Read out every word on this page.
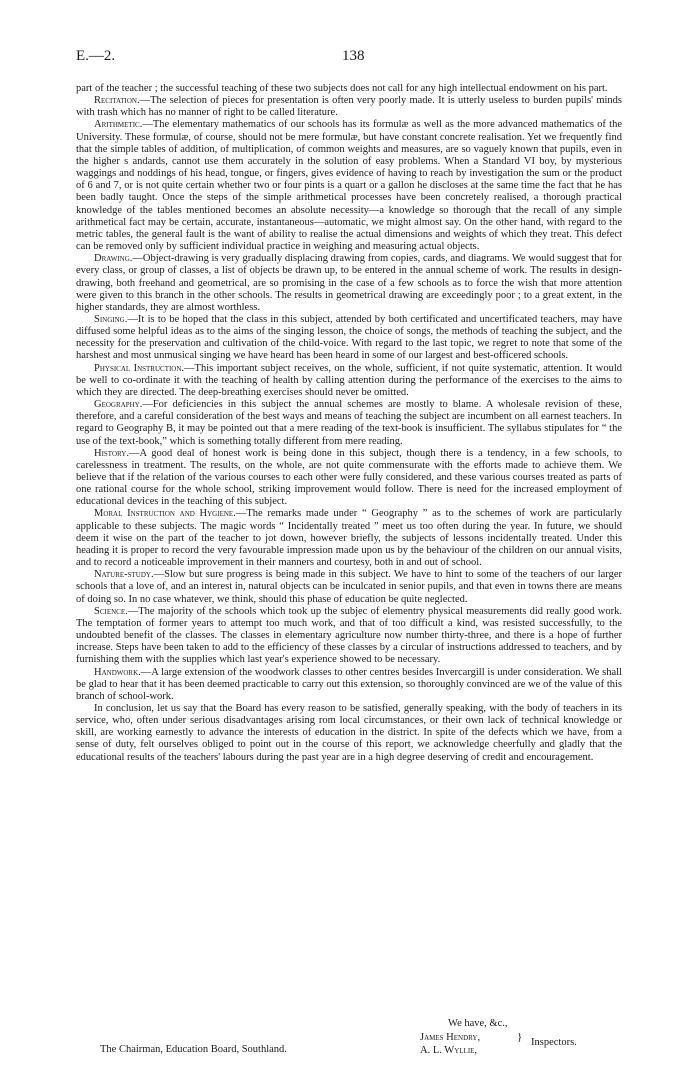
E.—2.	138

part of the teacher ; the successful teaching of these two subjects does not call for any high intellectual endowment on his part.

Recitation.—The selection of pieces for presentation is often very poorly made. It is utterly useless to burden pupils' minds with trash which has no manner of right to be called literature.

Arithmetic.—The elementary mathematics of our schools has its formulæ as well as the more advanced mathematics of the University. These formulæ, of course, should not be mere formulæ, but have constant concrete realisation. Yet we frequently find that the simple tables of addition, of multiplication, of common weights and measures, are so vaguely known that pupils, even in the higher s andards, cannot use them accurately in the solution of easy problems. When a Standard VI boy, by mysterious waggings and noddings of his head, tongue, or fingers, gives evidence of having to reach by investigation the sum or the product of 6 and 7, or is not quite certain whether two or four pints is a quart or a gallon he discloses at the same time the fact that he has been badly taught. Once the steps of the simple arithmetical processes have been concretely realised, a thorough practical knowledge of the tables mentioned becomes an absolute necessity—a knowledge so thorough that the recall of any simple arithmetical fact may be certain, accurate, instantaneous—automatic, we might almost say. On the other hand, with regard to the metric tables, the general fault is the want of ability to realise the actual dimensions and weights of which they treat. This defect can be removed only by sufficient individual practice in weighing and measuring actual objects.

Drawing.—Object-drawing is very gradually displacing drawing from copies, cards, and diagrams. We would suggest that for every class, or group of classes, a list of objects be drawn up, to be entered in the annual scheme of work. The results in design-drawing, both freehand and geometrical, are so promising in the case of a few schools as to force the wish that more attention were given to this branch in the other schools. The results in geometrical drawing are exceedingly poor ; to a great extent, in the higher standards, they are almost worthless.

Singing.—It is to be hoped that the class in this subject, attended by both certificated and uncertificated teachers, may have diffused some helpful ideas as to the aims of the singing lesson, the choice of songs, the methods of teaching the subject, and the necessity for the preservation and cultivation of the child-voice. With regard to the last topic, we regret to note that some of the harshest and most unmusical singing we have heard has been heard in some of our largest and best-officered schools.

Physical Instruction.—This important subject receives, on the whole, sufficient, if not quite systematic, attention. It would be well to co-ordinate it with the teaching of health by calling attention during the performance of the exercises to the aims to which they are directed. The deep-breathing exercises should never be omitted.

Geography.—For deficiencies in this subject the annual schemes are mostly to blame. A wholesale revision of these, therefore, and a careful consideration of the best ways and means of teaching the subject are incumbent on all earnest teachers. In regard to Geography B, it may be pointed out that a mere reading of the text-book is insufficient. The syllabus stipulates for “ the use of the text-book,” which is something totally different from mere reading.

History.—A good deal of honest work is being done in this subject, though there is a tendency, in a few schools, to carelessness in treatment. The results, on the whole, are not quite commensurate with the efforts made to achieve them. We believe that if the relation of the various courses to each other were fully considered, and these various courses treated as parts of one rational course for the whole school, striking improvement would follow. There is need for the increased employment of educational devices in the teaching of this subject.

Moral Instruction and Hygiene.—The remarks made under “ Geography ” as to the schemes of work are particularly applicable to these subjects. The magic words “ Incidentally treated ” meet us too often during the year. In future, we should deem it wise on the part of the teacher to jot down, however briefly, the subjects of lessons incidentally treated. Under this heading it is proper to record the very favourable impression made upon us by the behaviour of the children on our annual visits, and to record a noticeable improvement in their manners and courtesy, both in and out of school.

Nature-study.—Slow but sure progress is being made in this subject. We have to hint to some of the teachers of our larger schools that a love of, and an interest in, natural objects can be inculcated in senior pupils, and that even in towns there are means of doing so. In no case whatever, we think, should this phase of education be quite neglected.

Science.—The majority of the schools which took up the subjec of elementry physical measurements did really good work. The temptation of former years to attempt too much work, and that of too difficult a kind, was resisted successfully, to the undoubted benefit of the classes. The classes in elementary agriculture now number thirty-three, and there is a hope of further increase. Steps have been taken to add to the efficiency of these classes by a circular of instructions addressed to teachers, and by furnishing them with the supplies which last year's experience showed to be necessary.

Handwork.—A large extension of the woodwork classes to other centres besides Invercargill is under consideration. We shall be glad to hear that it has been deemed practicable to carry out this extension, so thoroughly convinced are we of the value of this branch of school-work.

In conclusion, let us say that the Board has every reason to be satisfied, generally speaking, with the body of teachers in its service, who, often under serious disadvantages arising rom local circumstances, or their own lack of technical knowledge or skill, are working earnestly to advance the interests of education in the district. In spite of the defects which we have, from a sense of duty, felt ourselves obliged to point out in the course of this report, we acknowledge cheerfully and gladly that the educational results of the teachers' labours during the past year are in a high degree deserving of credit and encouragement.

We have, &c.,
The Chairman, Education Board, Southland.
James Hendry,
A. L. Wyllie,
} Inspectors.
